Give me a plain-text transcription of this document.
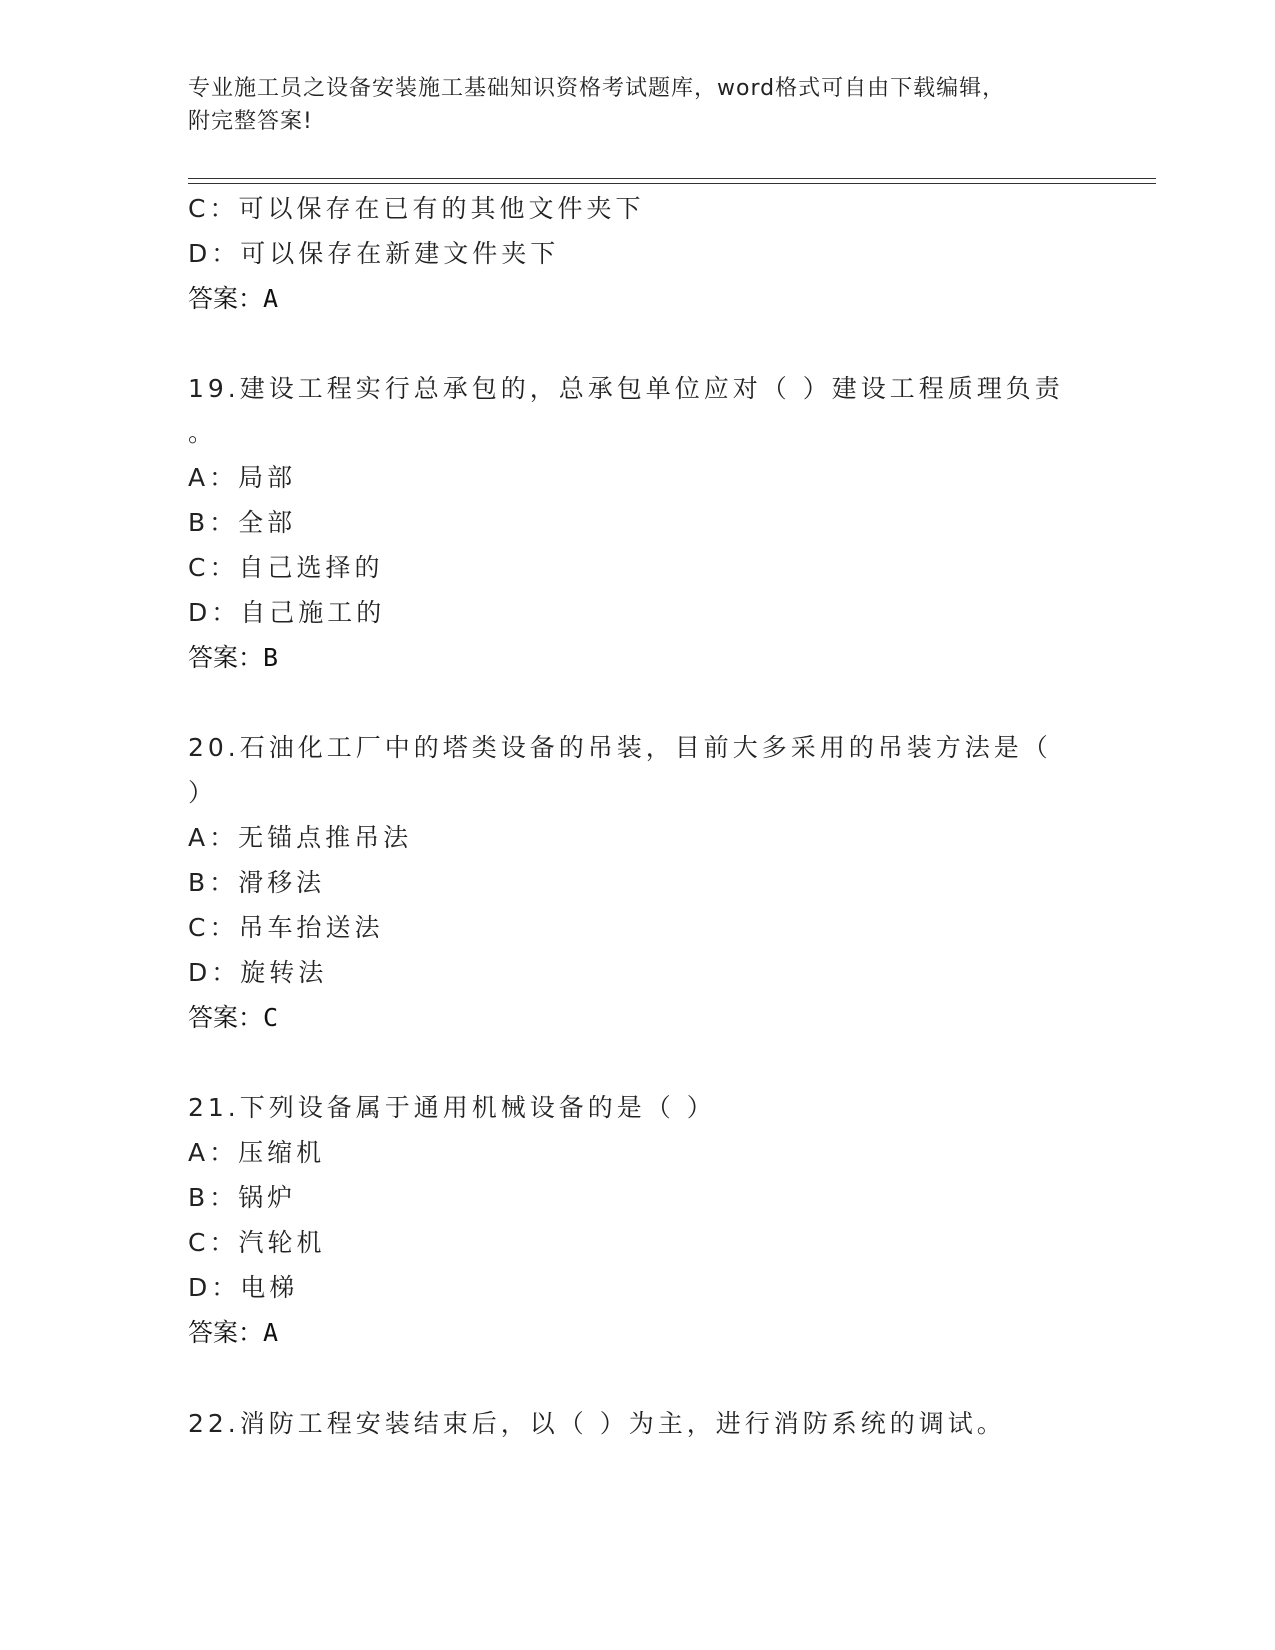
专业施工员之设备安装施工基础知识资格考试题库，word格式可自由下载编辑，
附完整答案!
C：可以保存在已有的其他文件夹下
D：可以保存在新建文件夹下
答案：A
19.建设工程实行总承包的，总承包单位应对（ ）建设工程质理负责
。
A：局部
B：全部
C：自己选择的
D：自己施工的
答案：B
20.石油化工厂中的塔类设备的吊装，目前大多采用的吊装方法是（
）
A：无锚点推吊法
B：滑移法
C：吊车抬送法
D：旋转法
答案：C
21.下列设备属于通用机械设备的是（ ）
A：压缩机
B：锅炉
C：汽轮机
D：电梯
答案：A
22.消防工程安装结束后，以（ ）为主，进行消防系统的调试。
